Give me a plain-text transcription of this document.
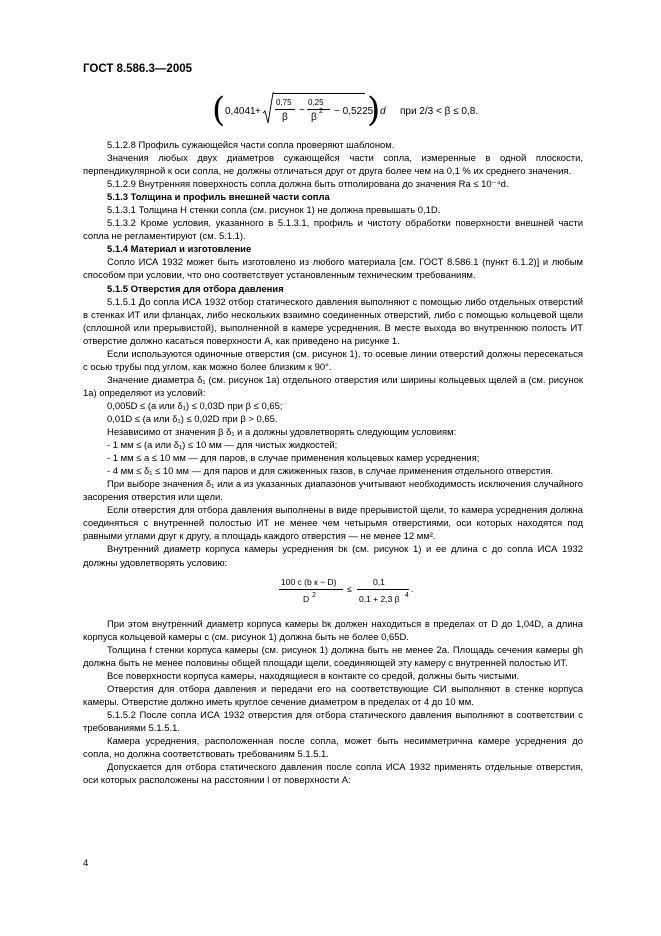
ГОСТ 8.586.3—2005
( 0,4041 +
0,75
β
−
0,25
β
2 − 0,5225
) d при 2/3 < β ≤ 0,8.

5.1.2.8 Профиль сужающейся части сопла проверяют шаблоном.

Значения любых двух диаметров сужающейся части сопла, измеренные в одной плоскости, перпендикулярной к оси сопла, не должны отличаться друг от друга более чем на 0,1 % их среднего значения.

5.1.2.9 Внутренняя поверхность сопла должна быть отполирована до значения Ra ≤ 10⁻⁴d.

5.1.3 Толщина и профиль внешней части сопла

5.1.3.1 Толщина H стенки сопла (см. рисунок 1) не должна превышать 0,1D.

5.1.3.2 Кроме условия, указанного в 5.1.3.1, профиль и чистоту обработки поверхности внешней части сопла не регламентируют (см. 5.1.1).

5.1.4 Материал и изготовление

Сопло ИСА 1932 может быть изготовлено из любого материала [см. ГОСТ 8.586.1 (пункт 6.1.2)] и любым способом при условии, что оно соответствует установленным техническим требованиям.

5.1.5 Отверстия для отбора давления

5.1.5.1 До сопла ИСА 1932 отбор статического давления выполняют с помощью либо отдельных отверстий в стенках ИТ или фланцах, либо нескольких взаимно соединенных отверстий, либо с помощью кольцевой щели (сплошной или прерывистой), выполненной в камере усреднения. В месте выхода во внутреннюю полость ИТ отверстие должно касаться поверхности A, как приведено на рисунке 1.

Если используются одиночные отверстия (см. рисунок 1), то осевые линии отверстий должны пересекаться с осью трубы под углом, как можно более близким к 90°.

Значение диаметра δ₁ (см. рисунок 1а) отдельного отверстия или ширины кольцевых щелей a (см. рисунок 1а) определяют из условий:

0,005D ≤ (a или δ₁) ≤ 0,03D при β ≤ 0,65;

0,01D ≤ (a или δ₁) ≤ 0,02D при β > 0,65.

Независимо от значения β δ₁ и a должны удовлетворять следующим условиям:

- 1 мм ≤ (a или δ₁) ≤ 10 мм — для чистых жидкостей;

- 1 мм ≤ a ≤ 10 мм — для паров, в случае применения кольцевых камер усреднения;

- 4 мм ≤ δ₁ ≤ 10 мм — для паров и для сжиженных газов, в случае применения отдельного отверстия.

При выборе значения δ₁ или a из указанных диапазонов учитывают необходимость исключения случайного засорения отверстия или щели.

Если отверстия для отбора давления выполнены в виде прерывистой щели, то камера усреднения должна соединяться с внутренней полостью ИТ не менее чем четырьмя отверстиями, оси которых находятся под равными углами друг к другу, а площадь каждого отверстия — не менее 12 мм².

Внутренний диаметр корпуса камеры усреднения bк (см. рисунок 1) и ее длина c до сопла ИСА 1932 должны удовлетворять условию:

100 c (b к − D)
D 2
≤
0,1
0,1 + 2,3 β 4
.

При этом внутренний диаметр корпуса камеры bк должен находиться в пределах от D до 1,04D, а длина корпуса кольцевой камеры c (см. рисунок 1) должна быть не более 0,65D.

Толщина f стенки корпуса камеры (см. рисунок 1) должна быть не менее 2a. Площадь сечения камеры gh должна быть не менее половины общей площади щели, соединяющей эту камеру с внутренней полостью ИТ.

Все поверхности корпуса камеры, находящиеся в контакте со средой, должны быть чистыми.

Отверстия для отбора давления и передачи его на соответствующие СИ выполняют в стенке корпуса камеры. Отверстие должно иметь круглое сечение диаметром в пределах от 4 до 10 мм.

5.1.5.2 После сопла ИСА 1932 отверстия для отбора статического давления выполняют в соответствии с требованиями 5.1.5.1.

Камера усреднения, расположенная после сопла, может быть несимметрична камере усреднения до сопла, но должна соответствовать требованиям 5.1.5.1.

Допускается для отбора статического давления после сопла ИСА 1932 применять отдельные отверстия, оси которых расположены на расстоянии l от поверхности A:

4
